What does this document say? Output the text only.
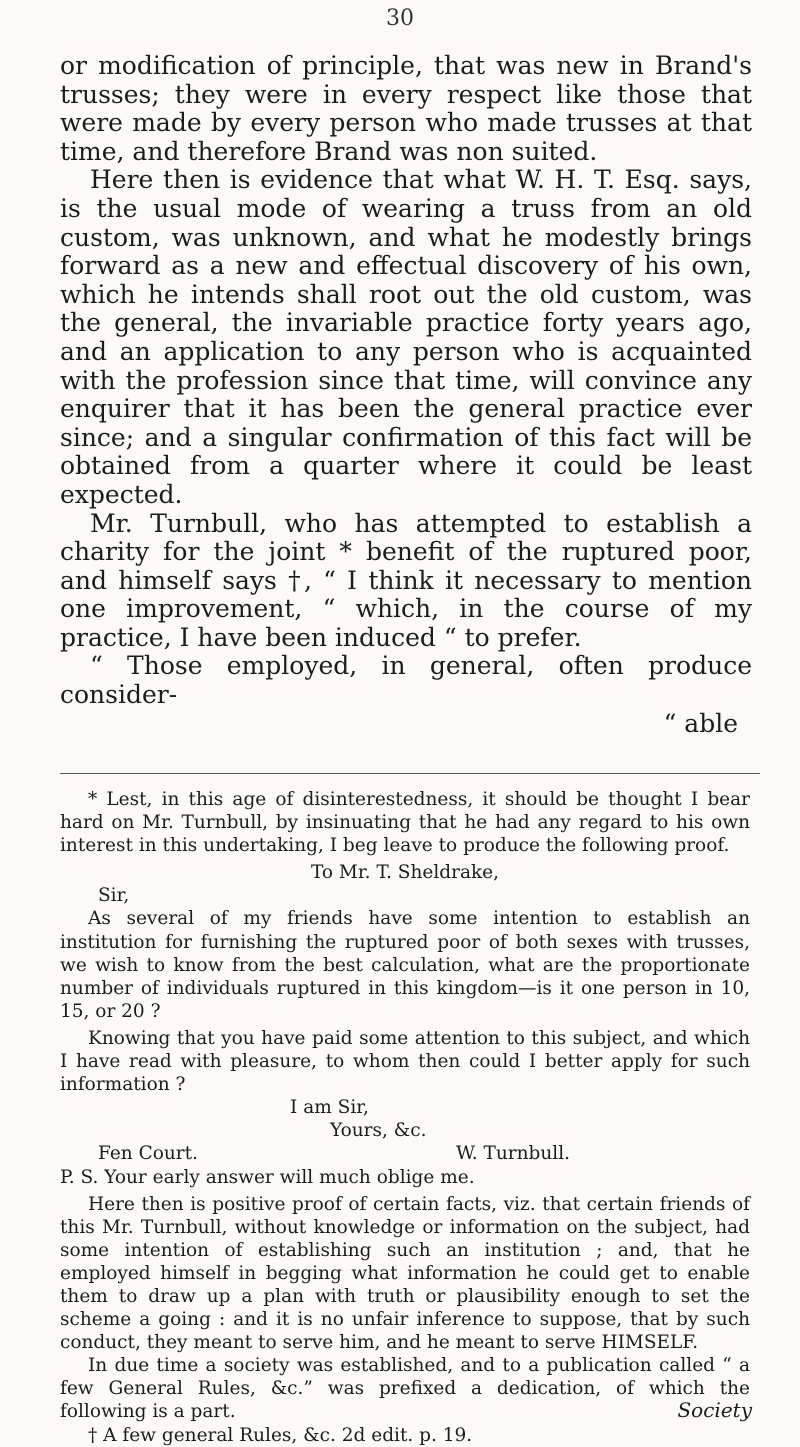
30

or modification of principle, that was new in Brand's trusses; they were in every respect like those that were made by every person who made trusses at that time, and therefore Brand was non suited.

Here then is evidence that what W. H. T. Esq. says, is the usual mode of wearing a truss from an old custom, was unknown, and what he modestly brings forward as a new and effectual discovery of his own, which he intends shall root out the old custom, was the general, the invariable practice forty years ago, and an application to any person who is acquainted with the profession since that time, will convince any enquirer that it has been the general practice ever since; and a singular confirmation of this fact will be obtained from a quarter where it could be least expected.

Mr. Turnbull, who has attempted to establish a charity for the joint * benefit of the ruptured poor, and himself says †, “ I think it necessary to mention one improvement, “ which, in the course of my practice, I have been induced “ to prefer.

“ Those employed, in general, often produce consider-

“ able

* Lest, in this age of disinterestedness, it should be thought I bear hard on Mr. Turnbull, by insinuating that he had any regard to his own interest in this undertaking, I beg leave to produce the following proof.

To Mr. T. Sheldrake,

Sir,

As several of my friends have some intention to establish an institution for furnishing the ruptured poor of both sexes with trusses, we wish to know from the best calculation, what are the proportionate number of individuals ruptured in this kingdom—is it one person in 10, 15, or 20 ?

Knowing that you have paid some attention to this subject, and which I have read with pleasure, to whom then could I better apply for such information ?

I am Sir,

Yours, &c.

Fen Court.	W. Turnbull.

P. S. Your early answer will much oblige me.

Here then is positive proof of certain facts, viz. that certain friends of this Mr. Turnbull, without knowledge or information on the subject, had some intention of establishing such an institution ; and, that he employed himself in begging what information he could get to enable them to draw up a plan with truth or plausibility enough to set the scheme a going : and it is no unfair inference to suppose, that by such conduct, they meant to serve him, and he meant to serve HIMSELF.

In due time a society was established, and to a publication called “ a few General Rules, &c.” was prefixed a dedication, of which the following is a part.

† A few general Rules, &c. 2d edit. p. 19.

Society
